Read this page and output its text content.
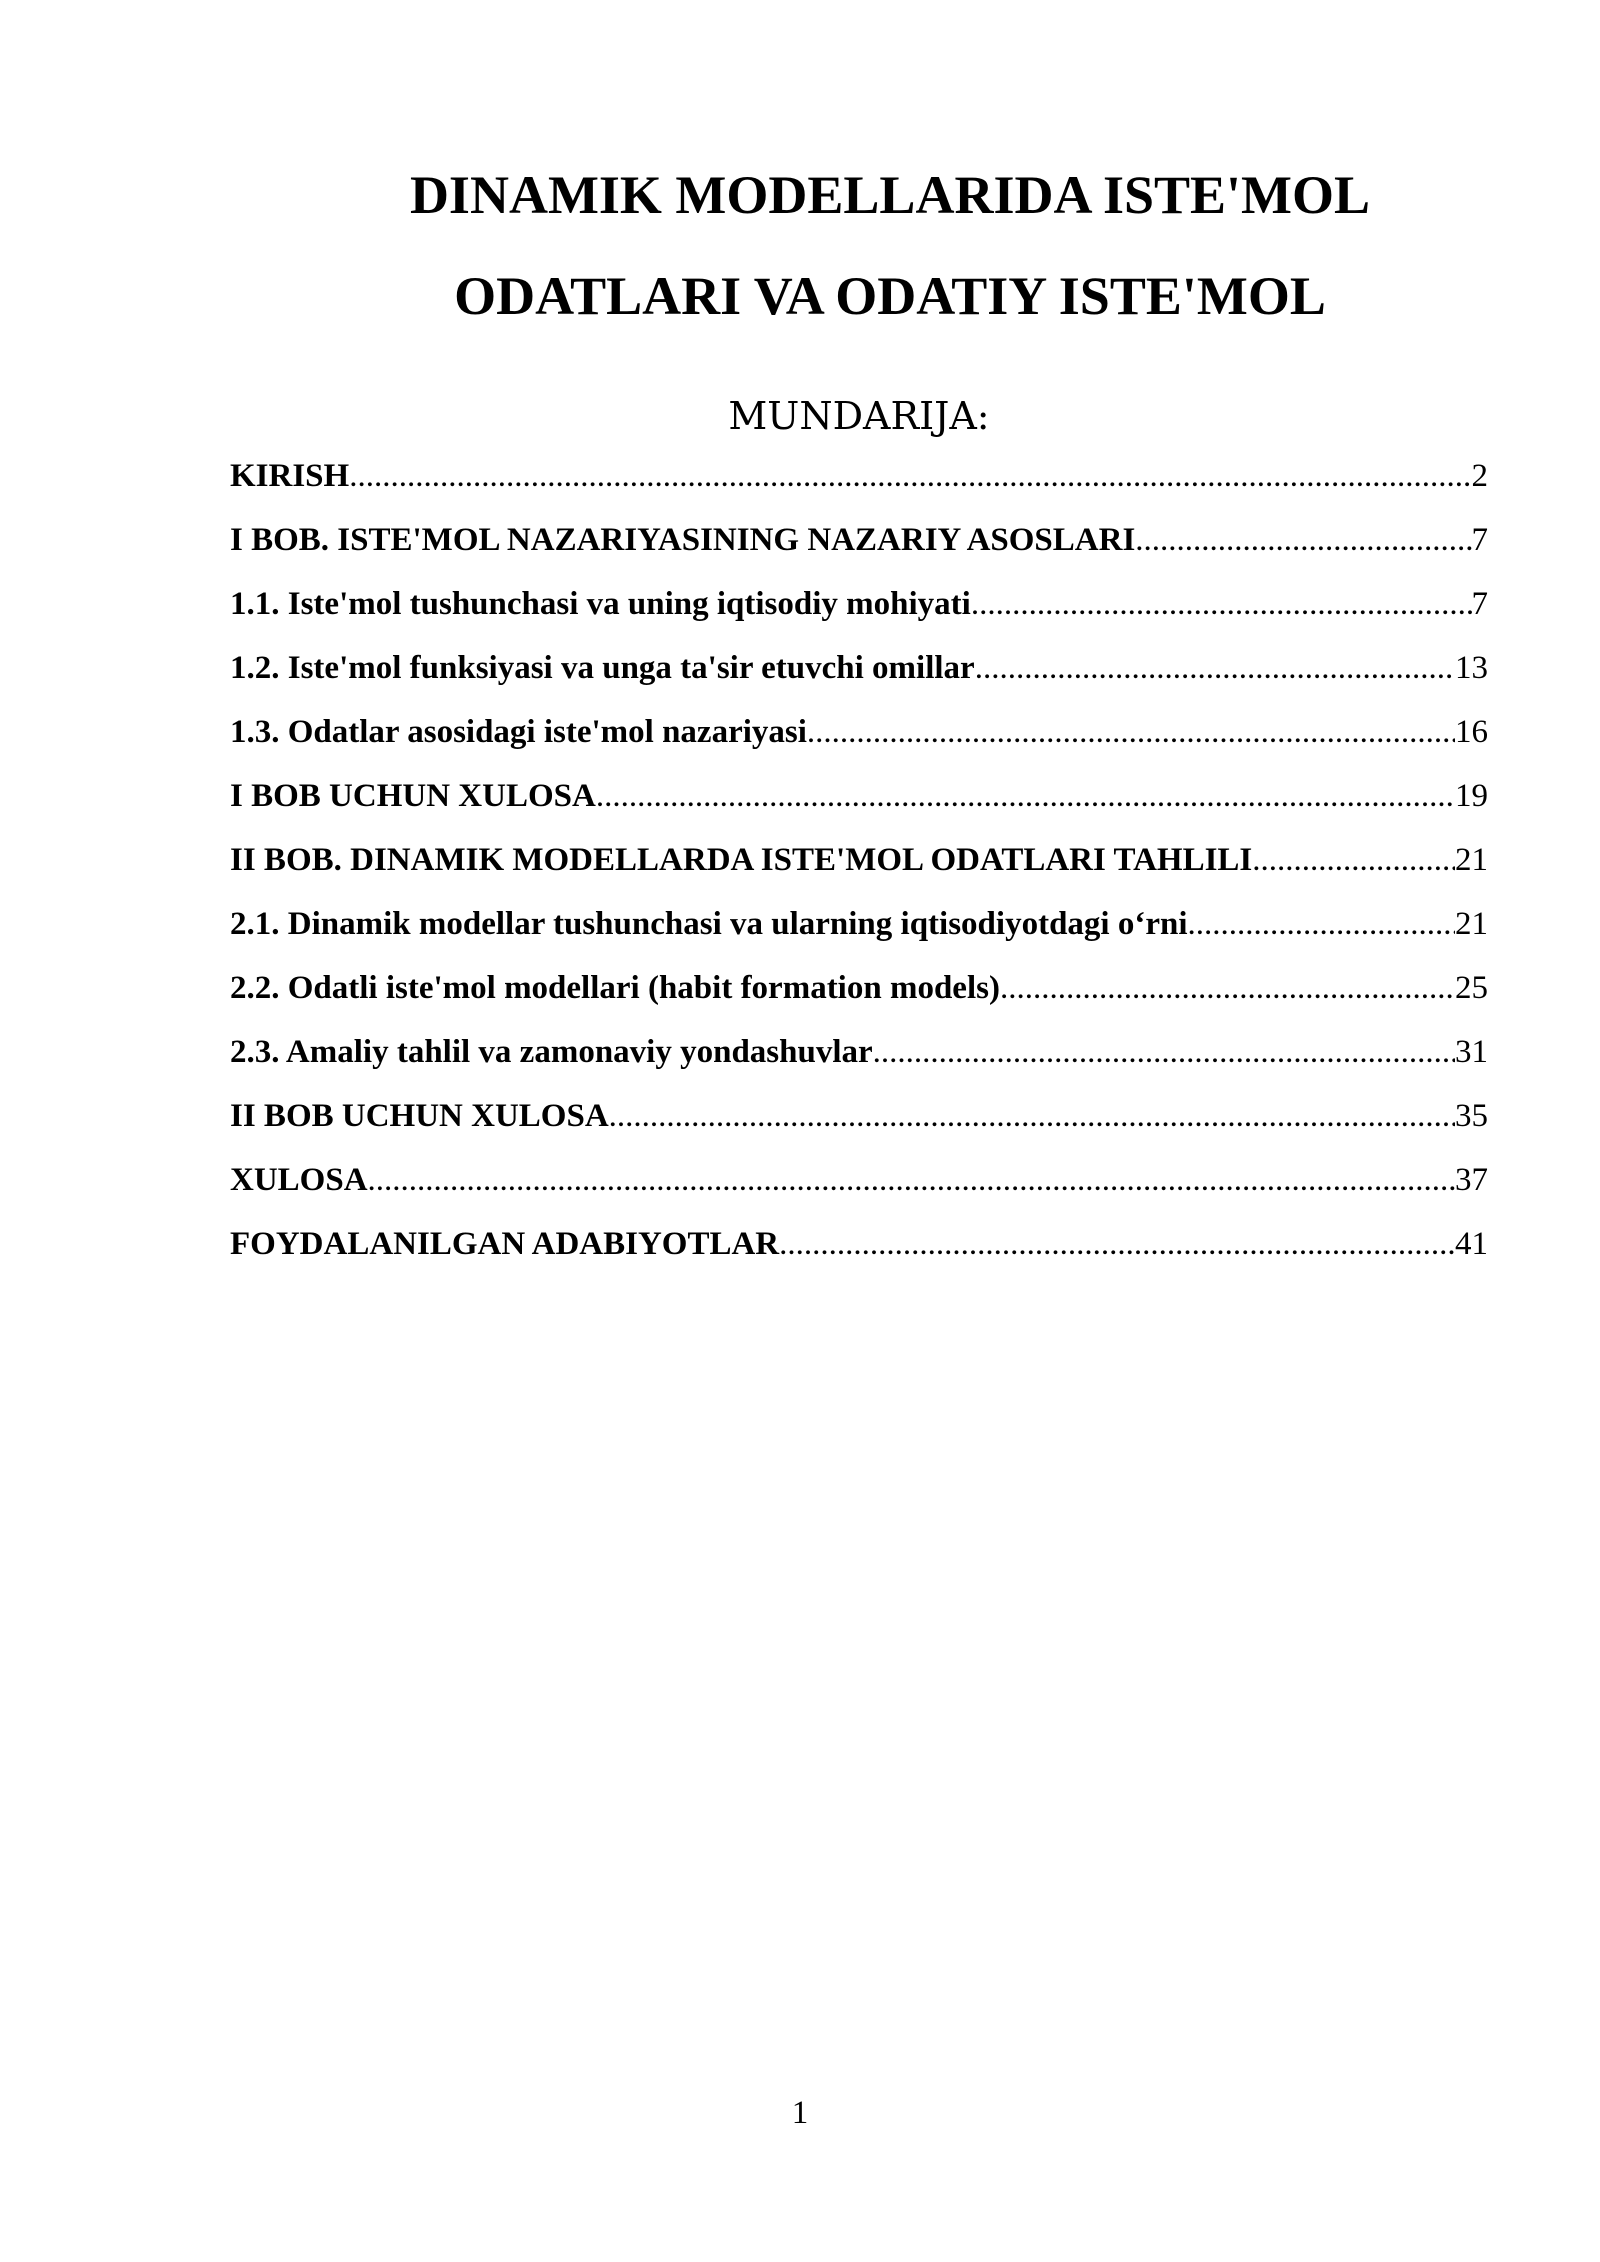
DINAMIK MODELLARIDA ISTE'MOL
ODATLARI VA ODATIY ISTE'MOL
MUNDARIJA:
KIRISH .....	2
I BOB. ISTE'MOL NAZARIYASINING NAZARIY ASOSLARI .....	7
1.1. Iste'mol tushunchasi va uning iqtisodiy mohiyati .....	7
1.2. Iste'mol funksiyasi va unga ta'sir etuvchi omillar .....	13
1.3. Odatlar asosidagi iste'mol nazariyasi .....	16
I BOB UCHUN XULOSA .....	19
II BOB. DINAMIK MODELLARDA ISTE'MOL ODATLARI TAHLILI .....	21
2.1. Dinamik modellar tushunchasi va ularning iqtisodiyotdagi o‘rni .....	21
2.2. Odatli iste'mol modellari (habit formation models) .....	25
2.3. Amaliy tahlil va zamonaviy yondashuvlar .....	31
II BOB UCHUN XULOSA .....	35
XULOSA .....	37
FOYDALANILGAN ADABIYOTLAR .....	41
1
